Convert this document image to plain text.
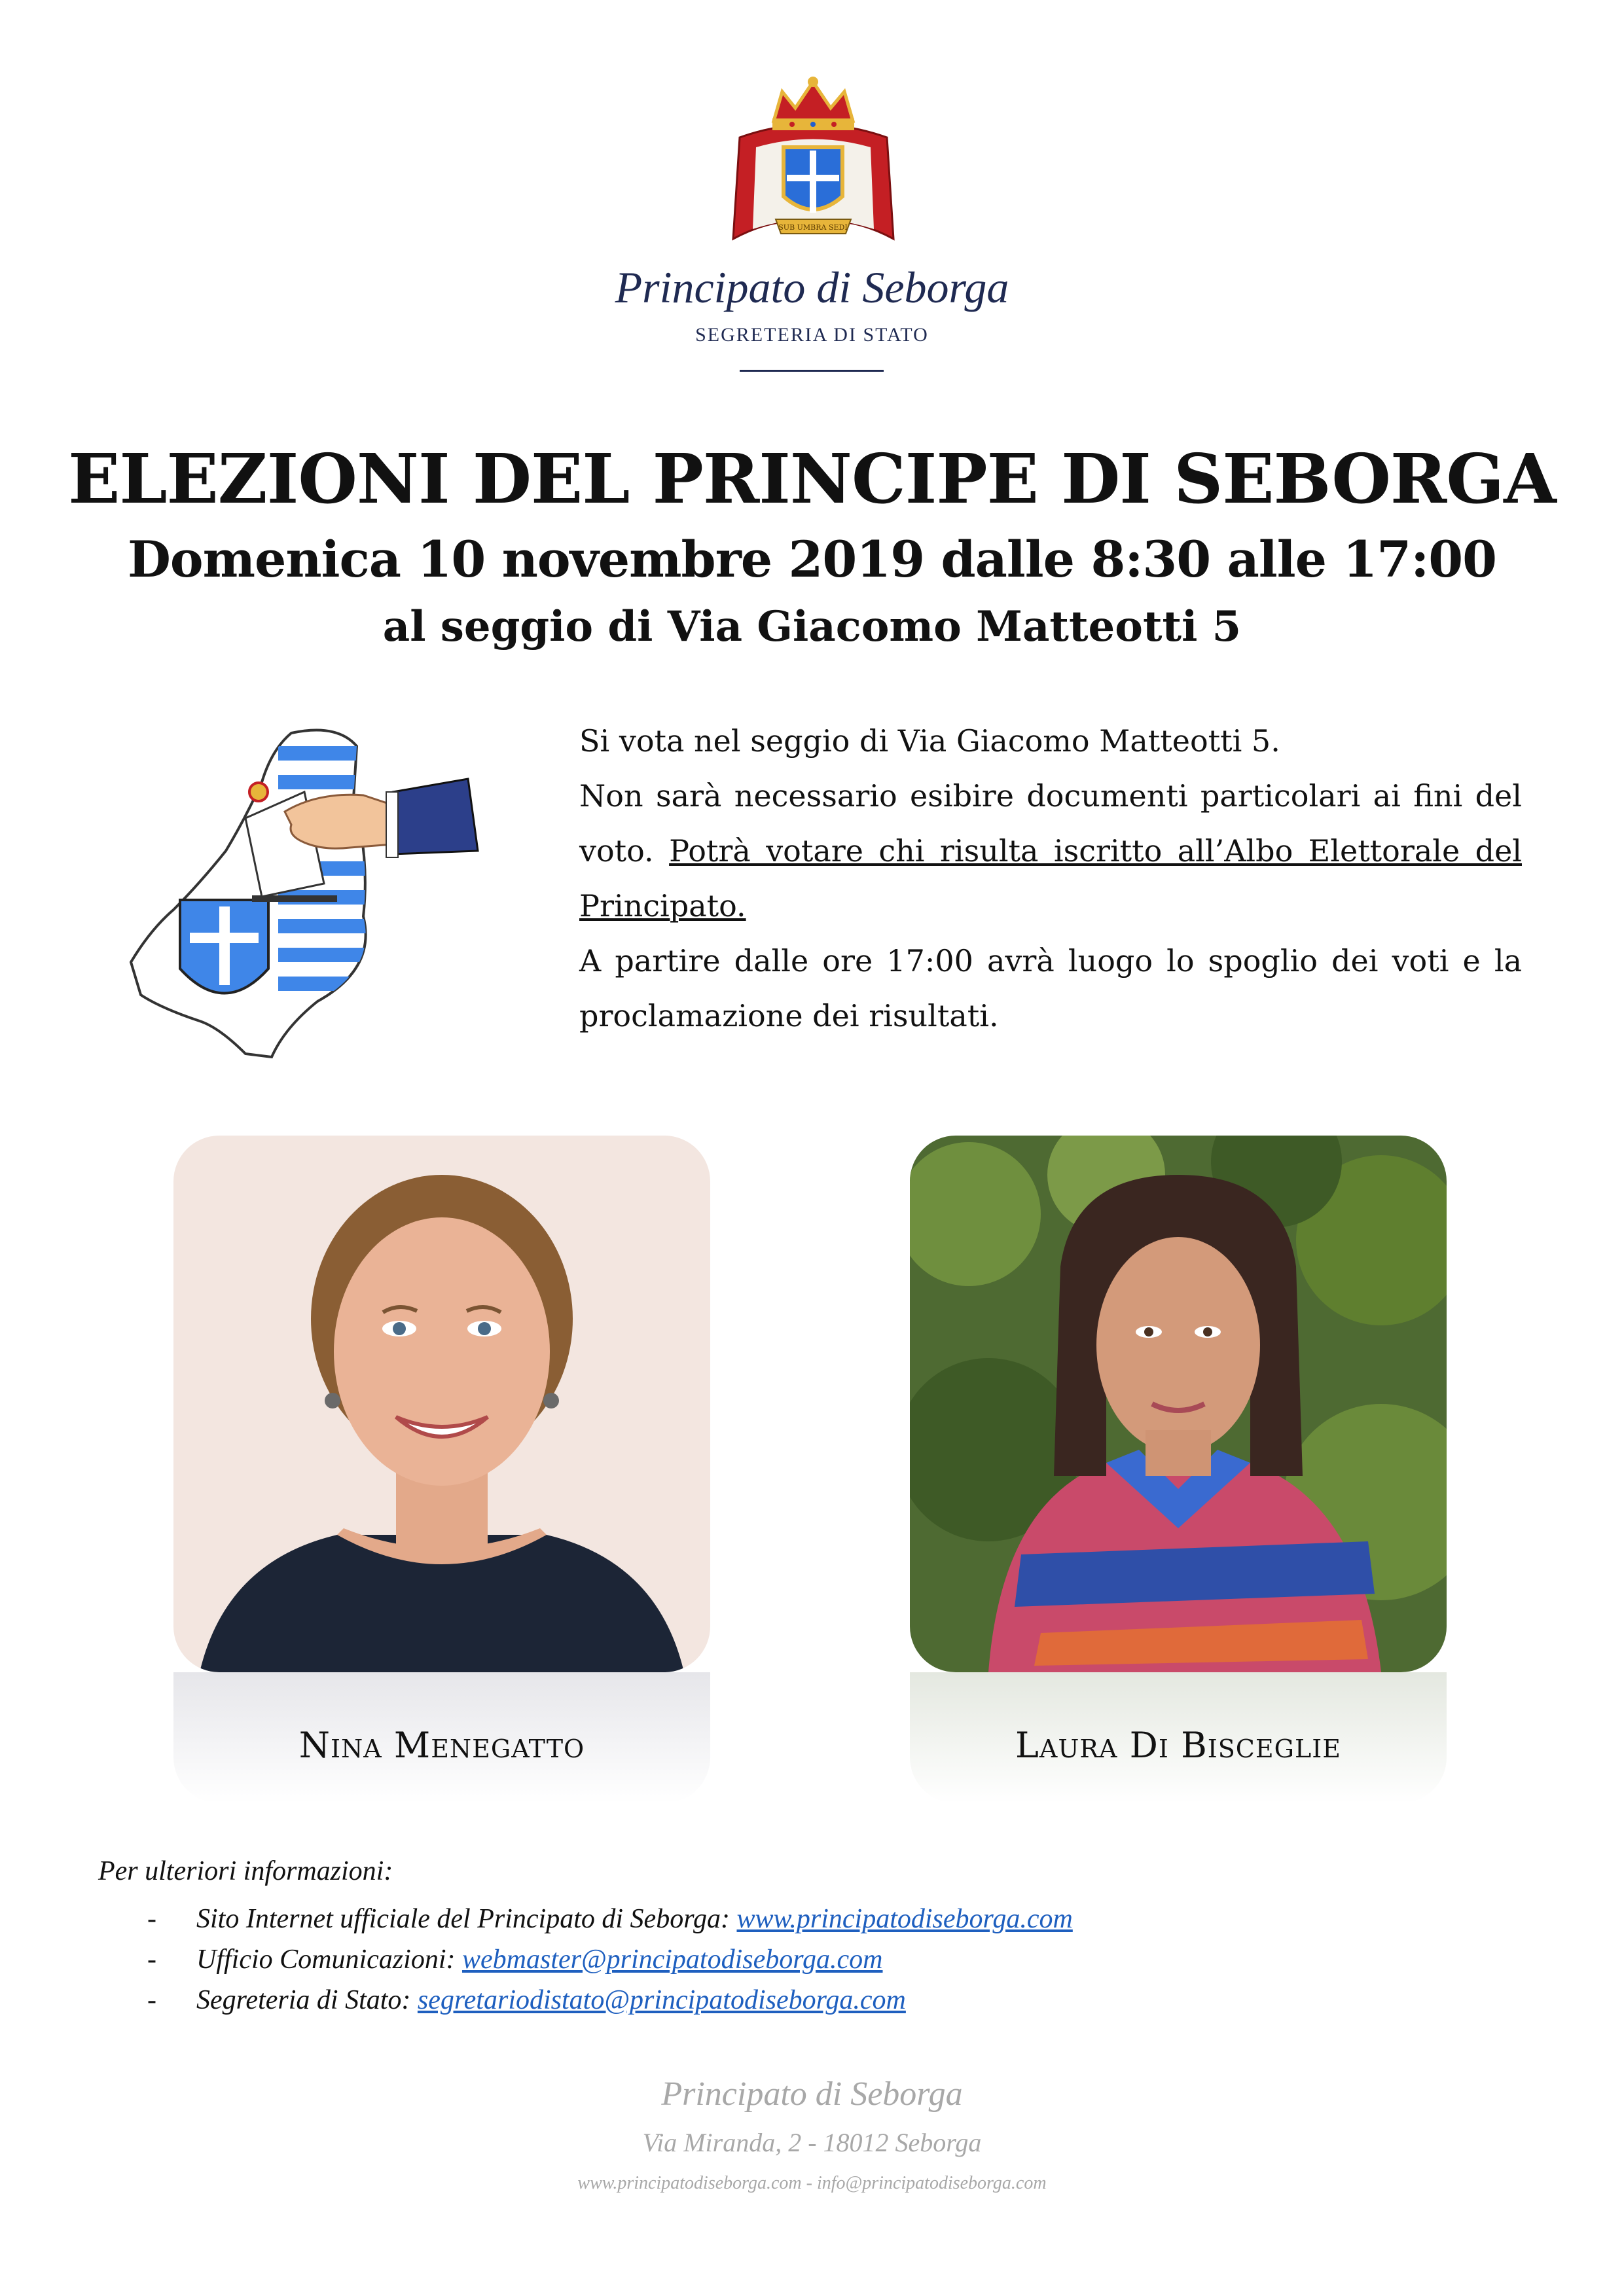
SUB UMBRA SEDI
Principato di Seborga
SEGRETERIA DI STATO
ELEZIONI DEL PRINCIPE DI SEBORGA
Domenica 10 novembre 2019 dalle 8:30 alle 17:00
al seggio di Via Giacomo Matteotti 5

Si vota nel seggio di Via Giacomo Matteotti 5.

Non sarà necessario esibire documenti particolari ai fini del voto. Potrà votare chi risulta iscritto all’Albo Elettorale del Principato.

A partire dalle ore 17:00 avrà luogo lo spoglio dei voti e la proclamazione dei risultati.

Nina Menegatto	Laura Di Bisceglie
Per ulteriori informazioni:
- Sito Internet ufficiale del Principato di Seborga: www.principatodiseborga.com
- Ufficio Comunicazioni: webmaster@principatodiseborga.com
- Segreteria di Stato: segretariodistato@principatodiseborga.com
Principato di Seborga
Via Miranda, 2 - 18012 Seborga
www.principatodiseborga.com - info@principatodiseborga.com
